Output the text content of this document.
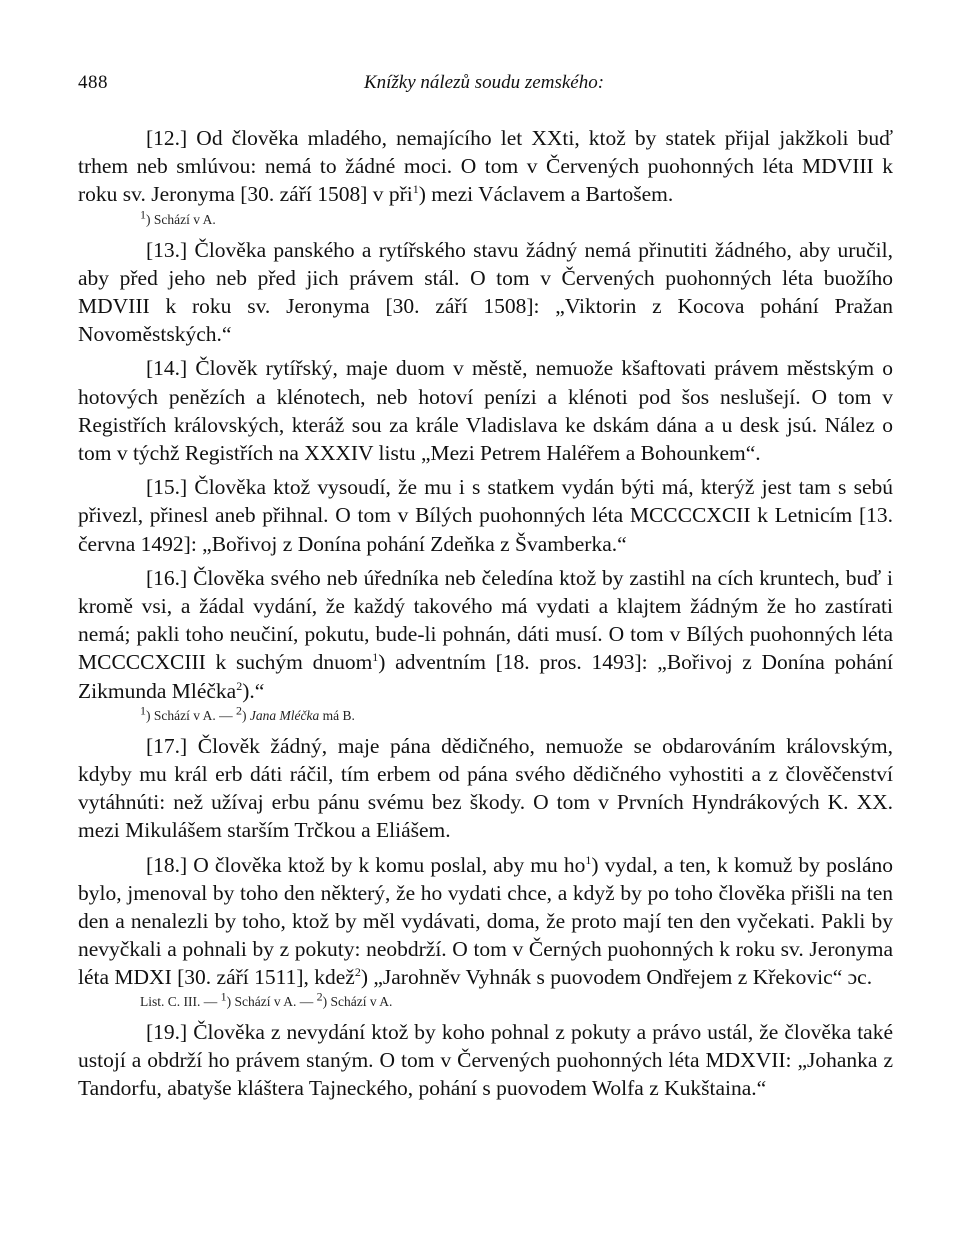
488	Knížky nálezů soudu zemského:

[12.] Od člověka mladého, nemajícího let XXti, ktož by statek přijal jakžkoli buď trhem neb smlúvou: nemá to žádné moci. O tom v Červených puohonných léta MDVIII k roku sv. Jeronyma [30. září 1508] v při$^1$) mezi Václavem a Bartošem.

$^1$) Schází v A.

[13.] Člověka panského a rytířského stavu žádný nemá přinutiti žádného, aby uručil, aby před jeho neb před jich právem stál. O tom v Červených puohonných léta buožího MDVIII k roku sv. Jeronyma [30. září 1508]: „Viktorin z Kocova pohání Pražan Novoměstských.“

[14.] Člověk rytířský, maje duom v městě, nemuože kšaftovati právem městským o hotových penězích a klénotech, neb hotoví penízi a klénoti pod šos neslušejí. O tom v Registřích královských, kteráž sou za krále Vladislava ke dskám dána a u desk jsú. Nález o tom v týchž Registřích na XXXIV listu „Mezi Petrem Haléřem a Bohounkem“.

[15.] Člověka ktož vysoudí, že mu i s statkem vydán býti má, kterýž jest tam s sebú přivezl, přinesl aneb přihnal. O tom v Bílých puohonných léta MCCCCXCII k Letnicím [13. června 1492]: „Bořivoj z Donína pohání Zdeňka z Švamberka.“

[16.] Člověka svého neb úředníka neb čeledína ktož by zastihl na cích kruntech, buď i kromě vsi, a žádal vydání, že každý takového má vydati a klajtem žádným že ho zastírati nemá; pakli toho neučiní, pokutu, bude-li pohnán, dáti musí. O tom v Bílých puohonných léta MCCCCXCIII k suchým dnuom$^1$) adventním [18. pros. 1493]: „Bořivoj z Donína pohání Zikmunda Mléčka$^2$).“

$^1$) Schází v A. — $^2$) Jana Mléčka má B.

[17.] Člověk žádný, maje pána dědičného, nemuože se obdarováním královským, kdyby mu král erb dáti ráčil, tím erbem od pána svého dědičného vyhostiti a z člověčenství vytáhnúti: než užívaj erbu pánu svému bez škody. O tom v Prvních Hyndrákových K. XX. mezi Mikulášem starším Trčkou a Eliášem.

[18.] O člověka ktož by k komu poslal, aby mu $ho^1$) vydal, a ten, k komuž by posláno bylo, jmenoval by toho den některý, že ho vydati chce, a když by po toho člověka přišli na ten den a nenalezli by toho, ktož by měl vydávati, doma, že proto mají ten den vyčekati. Pakli by nevyčkali a pohnali by z pokuty: neobdrží. O tom v Černých puohonných k roku sv. Jeronyma léta MDXI [30. září 1511], kdež$^2$) „Jarohněv Vyhnák s puovodem Ondřejem z Křekovic“ ɔc.

List. C. III. — $^1$) Schází v A. — $^2$) Schází v A.

[19.] Člověka z nevydání ktož by koho pohnal z pokuty a právo ustál, že člověka také ustojí a obdrží ho právem staným. O tom v Červených puohonných léta MDXVII: „Johanka z Tandorfu, abatyše kláštera Tajneckého, pohání s puovodem Wolfa z Kukštaina.“
